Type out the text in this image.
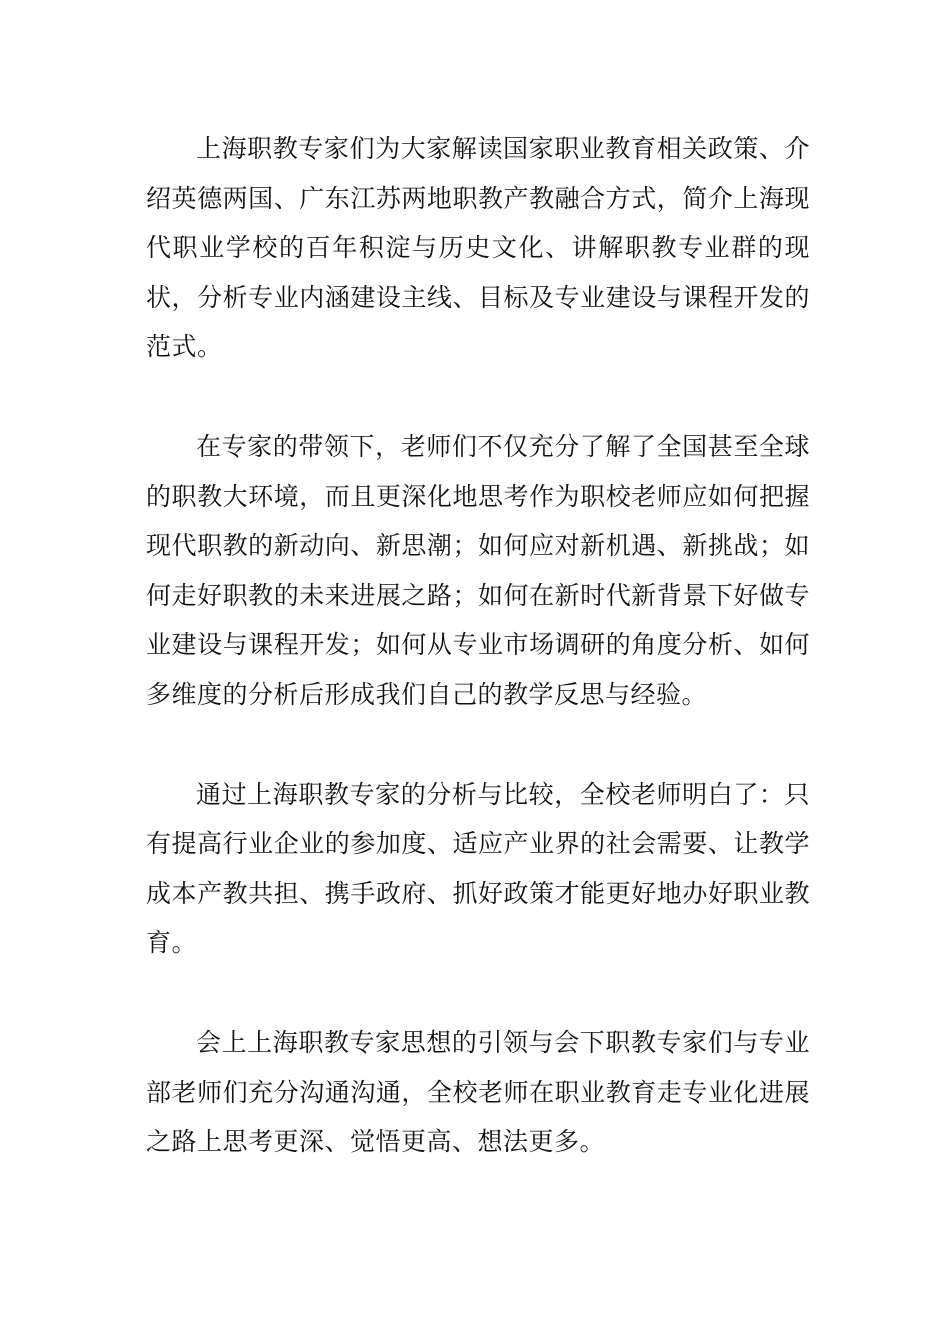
上海职教专家们为大家解读国家职业教育相关政策、介绍英德两国、广东江苏两地职教产教融合方式，简介上海现代职业学校的百年积淀与历史文化、讲解职教专业群的现状，分析专业内涵建设主线、目标及专业建设与课程开发的范式。

在专家的带领下，老师们不仅充分了解了全国甚至全球的职教大环境，而且更深化地思考作为职校老师应如何把握现代职教的新动向、新思潮；如何应对新机遇、新挑战；如何走好职教的未来进展之路；如何在新时代新背景下好做专业建设与课程开发；如何从专业市场调研的角度分析、如何多维度的分析后形成我们自己的教学反思与经验。

通过上海职教专家的分析与比较，全校老师明白了：只有提高行业企业的参加度、适应产业界的社会需要、让教学成本产教共担、携手政府、抓好政策才能更好地办好职业教育。

会上上海职教专家思想的引领与会下职教专家们与专业部老师们充分沟通沟通，全校老师在职业教育走专业化进展之路上思考更深、觉悟更高、想法更多。
